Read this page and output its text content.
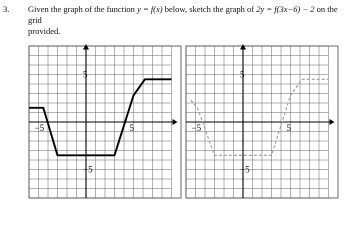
3. Given the graph of the function y = f(x) below, sketch the graph of 2y = f(3x−6) − 2 on the grid
provided.
5
−5	5
−5
5
−5	5
−5
